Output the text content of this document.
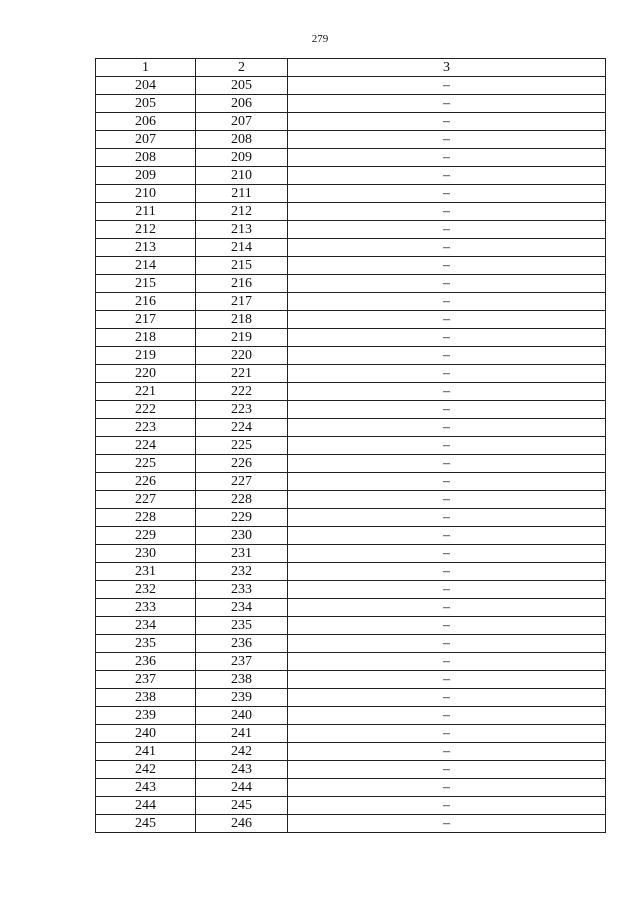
279
1	2	3
204	205	–
205	206	–
206	207	–
207	208	–
208	209	–
209	210	–
210	211	–
211	212	–
212	213	–
213	214	–
214	215	–
215	216	–
216	217	–
217	218	–
218	219	–
219	220	–
220	221	–
221	222	–
222	223	–
223	224	–
224	225	–
225	226	–
226	227	–
227	228	–
228	229	–
229	230	–
230	231	–
231	232	–
232	233	–
233	234	–
234	235	–
235	236	–
236	237	–
237	238	–
238	239	–
239	240	–
240	241	–
241	242	–
242	243	–
243	244	–
244	245	–
245	246	–
